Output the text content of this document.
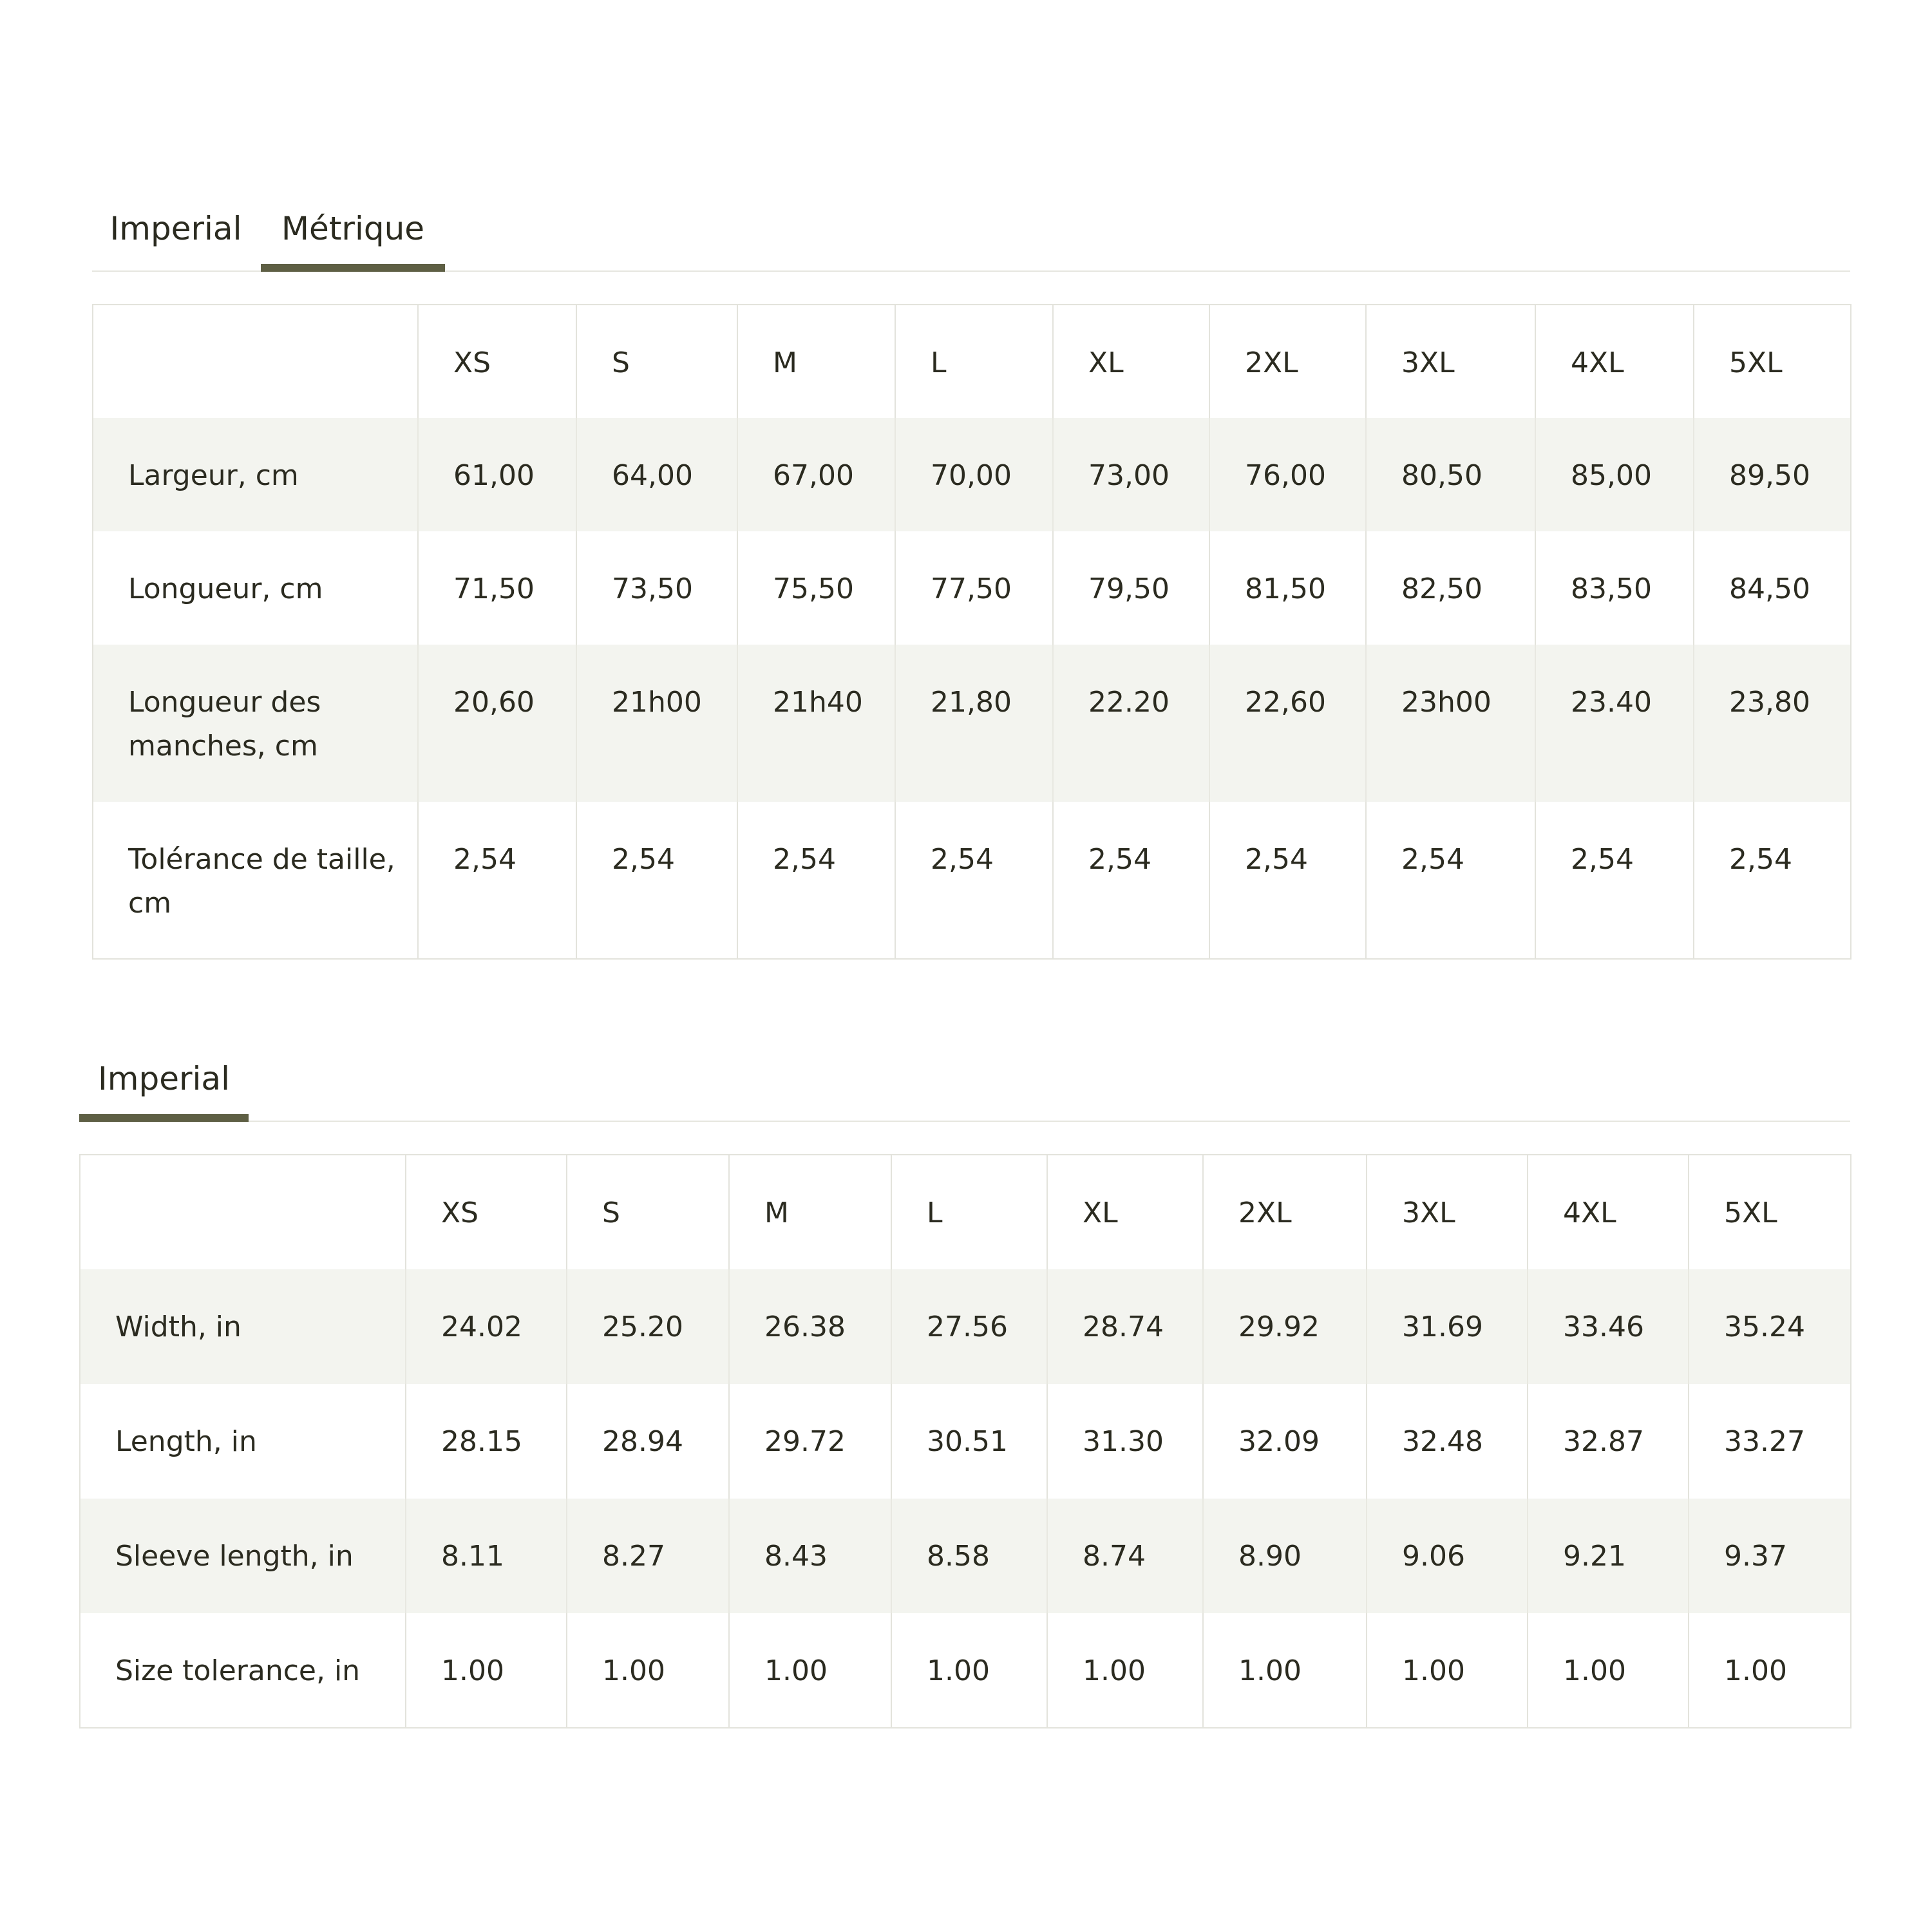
Imperial	Métrique
	XS	S	M	L	XL	2XL	3XL	4XL	5XL
Largeur, cm	61,00	64,00	67,00	70,00	73,00	76,00	80,50	85,00	89,50
Longueur, cm	71,50	73,50	75,50	77,50	79,50	81,50	82,50	83,50	84,50
Longueur des manches, cm	20,60	21h00	21h40	21,80	22.20	22,60	23h00	23.40	23,80
Tolérance de taille, cm	2,54	2,54	2,54	2,54	2,54	2,54	2,54	2,54	2,54
Imperial
	XS	S	M	L	XL	2XL	3XL	4XL	5XL
Width, in	24.02	25.20	26.38	27.56	28.74	29.92	31.69	33.46	35.24
Length, in	28.15	28.94	29.72	30.51	31.30	32.09	32.48	32.87	33.27
Sleeve length, in	8.11	8.27	8.43	8.58	8.74	8.90	9.06	9.21	9.37
Size tolerance, in	1.00	1.00	1.00	1.00	1.00	1.00	1.00	1.00	1.00
